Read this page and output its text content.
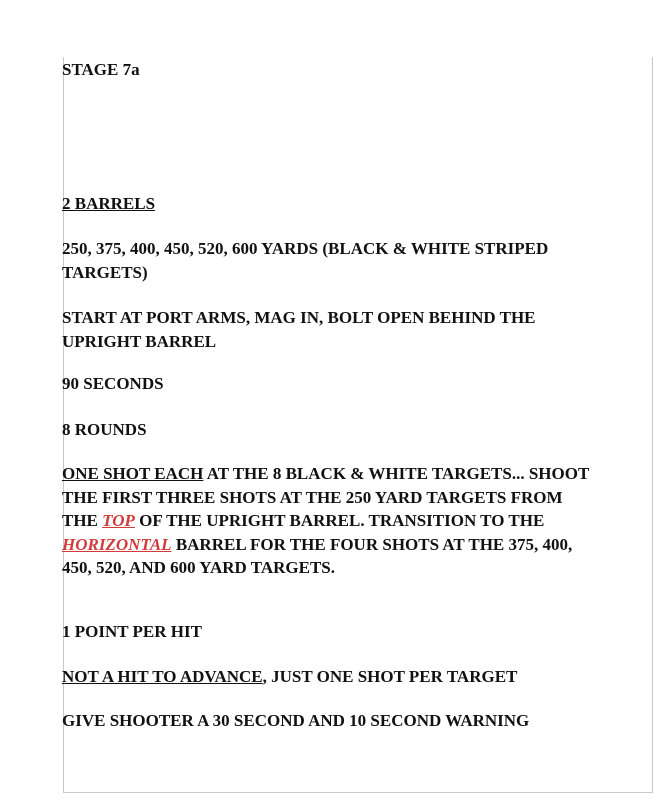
STAGE 7a

2 BARRELS

250, 375, 400, 450, 520, 600 YARDS (BLACK & WHITE STRIPED TARGETS)

START AT PORT ARMS, MAG IN, BOLT OPEN BEHIND THE UPRIGHT BARREL

90 SECONDS

8 ROUNDS

ONE SHOT EACH AT THE 8 BLACK & WHITE TARGETS... SHOOT THE FIRST THREE SHOTS AT THE 250 YARD TARGETS FROM THE TOP OF THE UPRIGHT BARREL. TRANSITION TO THE HORIZONTAL BARREL FOR THE FOUR SHOTS AT THE 375, 400, 450, 520, AND 600 YARD TARGETS.

1 POINT PER HIT

NOT A HIT TO ADVANCE, JUST ONE SHOT PER TARGET

GIVE SHOOTER A 30 SECOND AND 10 SECOND WARNING
